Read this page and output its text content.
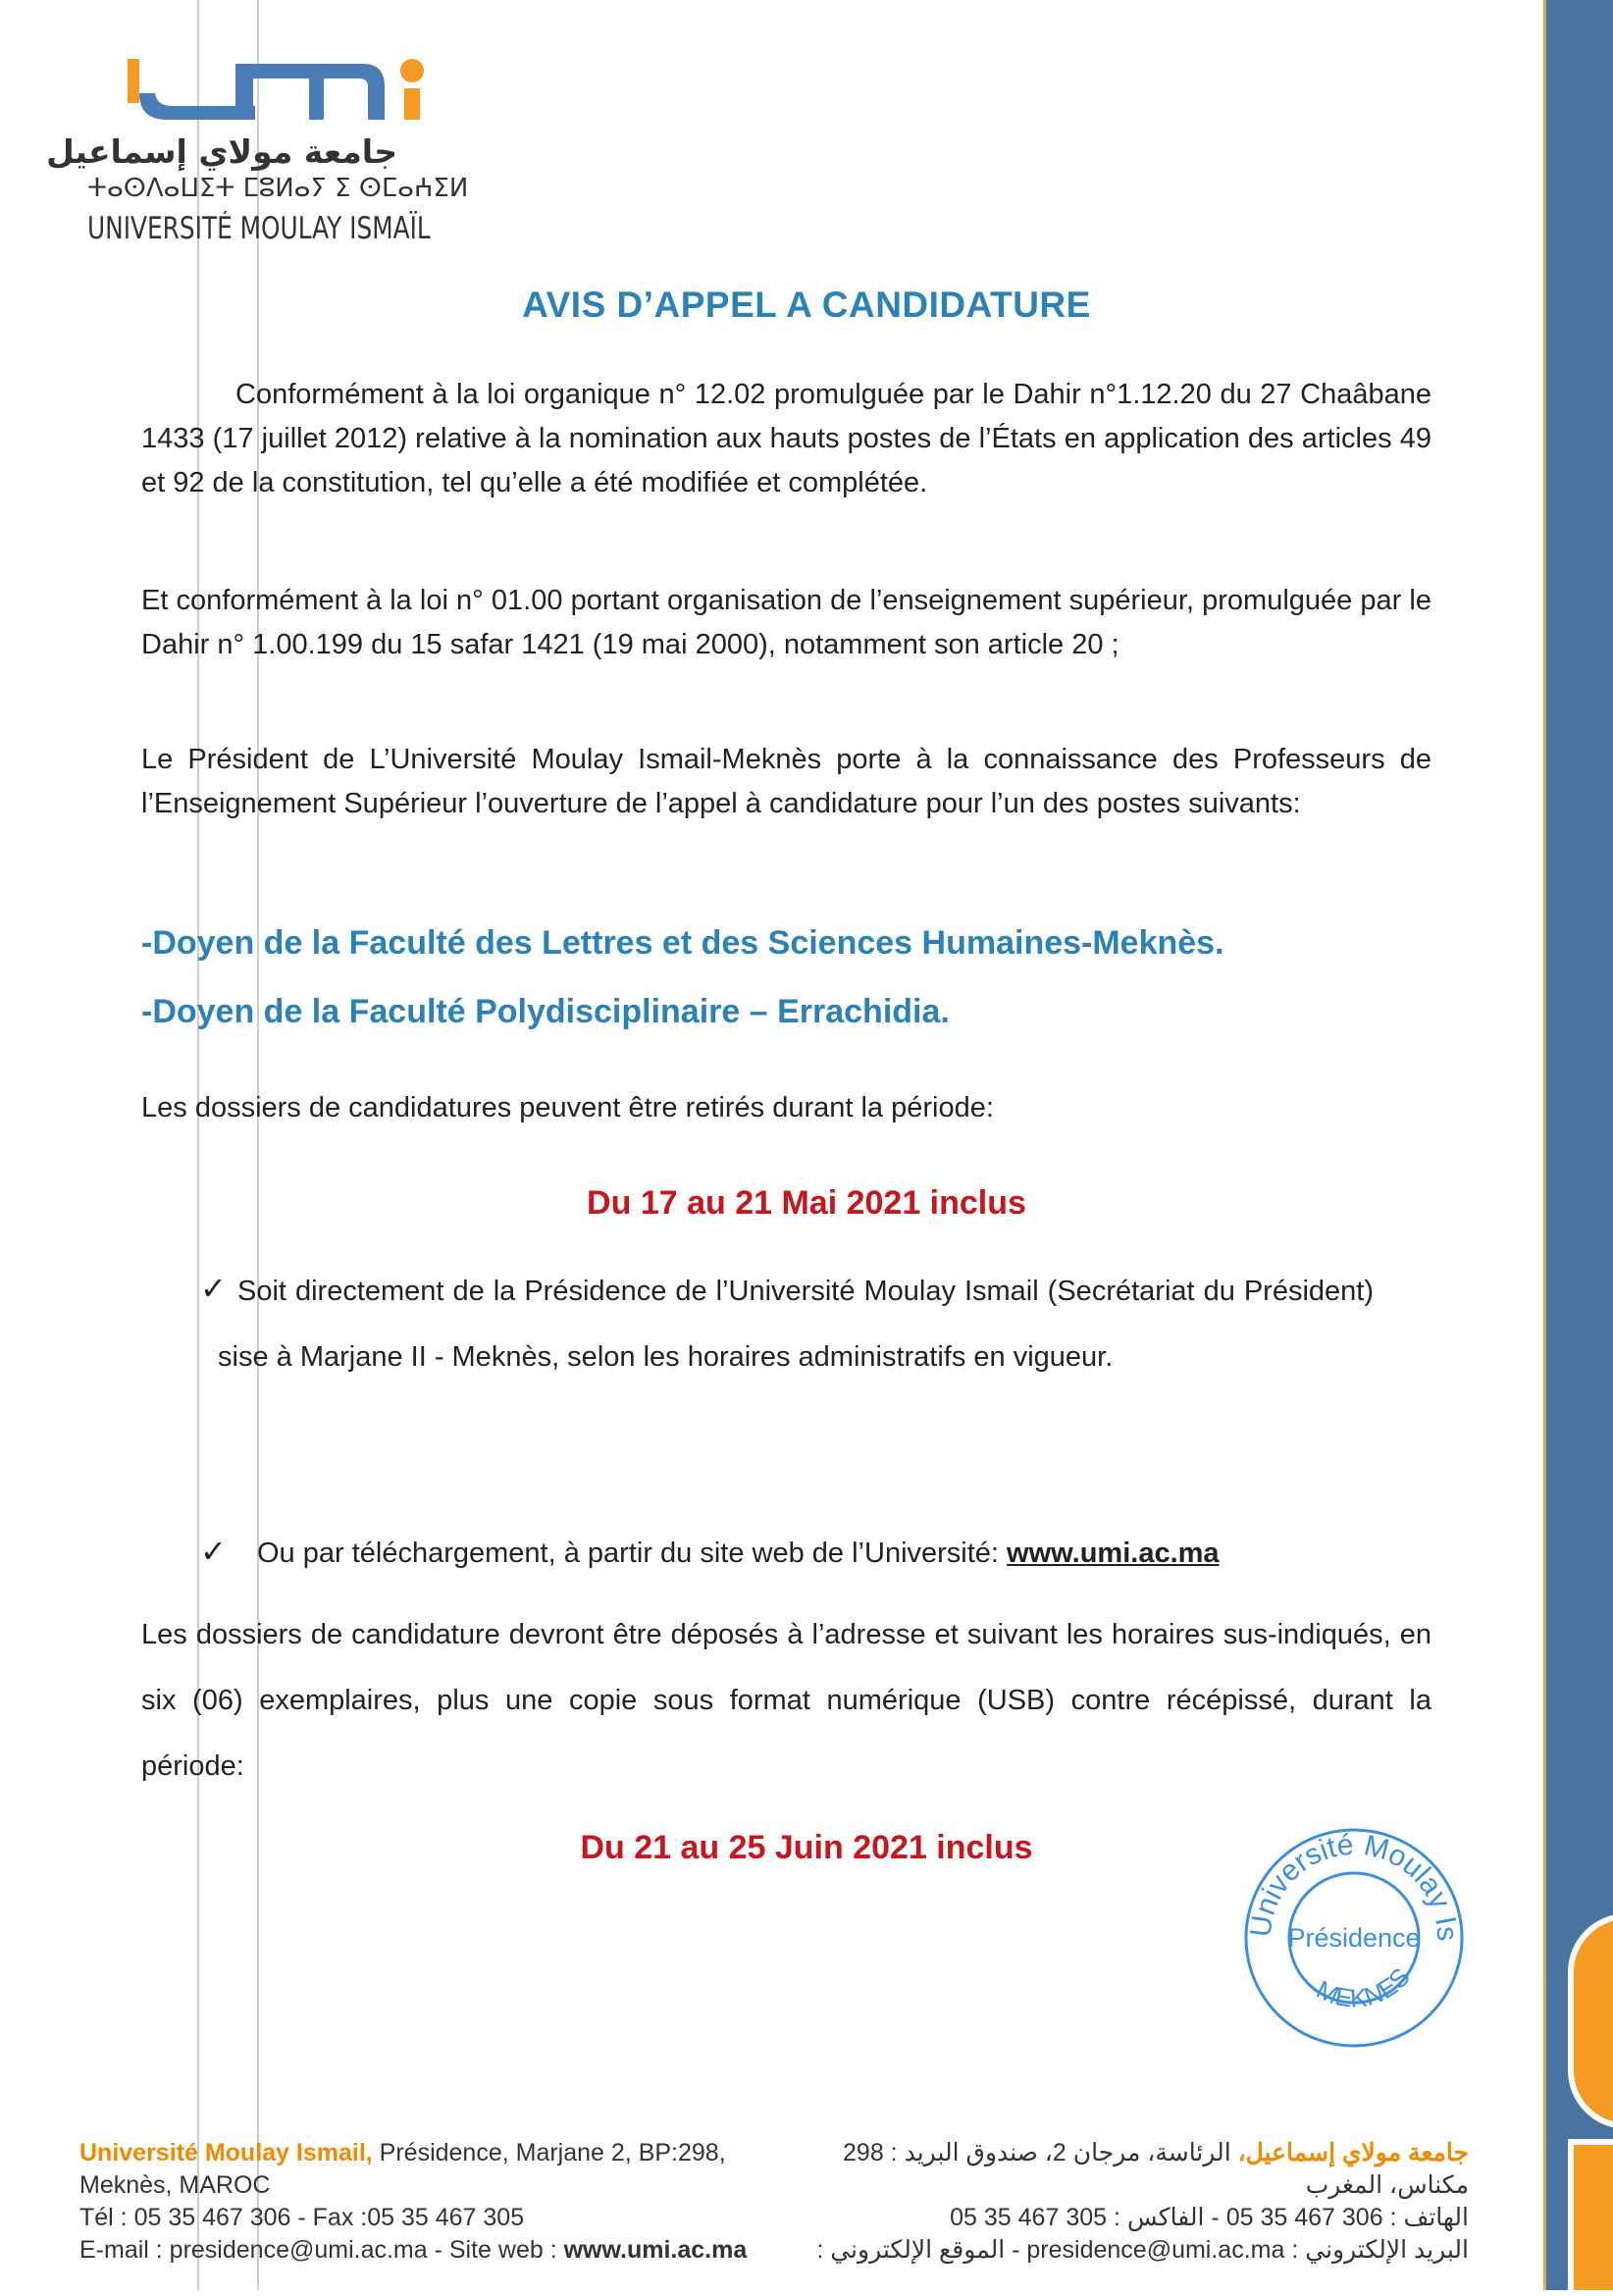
جامعة مولاي إسماعيل
ⵜⴰⵙⴷⴰⵡⵉⵜ ⵎⵓⵍⴰⵢ ⵉ ⵙⵎⴰⵄⵉⵍ
UNIVERSITÉ MOULAY ISMAÏL
AVIS D’APPEL A CANDIDATURE

Conformément à la loi organique n° 12.02 promulguée par le Dahir n°1.12.20 du 27 Chaâbane 1433 (17 juillet 2012) relative à la nomination aux hauts postes de l’États en application des articles 49 et 92 de la constitution, tel qu’elle a été modifiée et complétée.

Et conformément à la loi n° 01.00 portant organisation de l’enseignement supérieur, promulguée par le Dahir n° 1.00.199 du 15 safar 1421 (19 mai 2000), notamment son article 20 ;

Le Président de L’Université Moulay Ismail-Meknès porte à la connaissance des Professeurs de l’Enseignement Supérieur l’ouverture de l’appel à candidature pour l’un des postes suivants:

-Doyen de la Faculté des Lettres et des Sciences Humaines-Meknès.
-Doyen de la Faculté Polydisciplinaire – Errachidia.

Les dossiers de candidatures peuvent être retirés durant la période:

Du 17 au 21 Mai 2021 inclus
✓ Soit directement de la Présidence de l’Université Moulay Ismail (Secrétariat du Président) sise à Marjane II - Meknès, selon les horaires administratifs en vigueur.

✓ Ou par téléchargement, à partir du site web de l’Université: www.umi.ac.ma

Les dossiers de candidature devront être déposés à l’adresse et suivant les horaires sus-indiqués, en six (06) exemplaires, plus une copie sous format numérique (USB) contre récépissé, durant la période:

Du 21 au 25 Juin 2021 inclus
Université Moulay Is
MEKNES
Présidence
Université Moulay Ismail, Présidence, Marjane 2, BP:298,
Meknès, MAROC
Tél : 05 35 467 306 - Fax :05 35 467 305
E-mail : presidence@umi.ac.ma - Site web : www.umi.ac.ma
جامعة مولاي إسماعيل، الرئاسة، مرجان 2، صندوق البريد : 298
مكناس، المغرب
الهاتف : 306 467 35 05 - الفاكس : 305 467 35 05
البريد الإلكتروني : presidence@umi.ac.ma - الموقع الإلكتروني :
